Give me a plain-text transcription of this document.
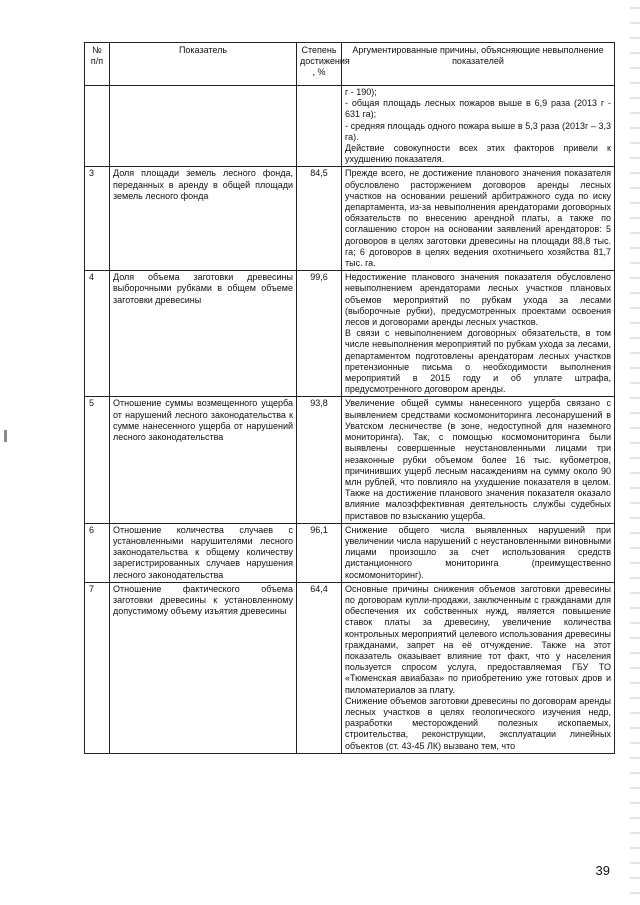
№ п/п	Показатель	Степень достижения , %	Аргументированные причины, объясняющие невыполнение показателей

			г - 190);

- общая площадь лесных пожаров выше в 6,9 раза (2013 г - 631 га);

- средняя площадь одного пожара выше в 5,3 раза (2013г – 3,3 га).

Действие совокупности всех этих факторов привели к ухудшению показателя.

3	Доля площади земель лесного фонда, переданных в аренду в общей площади земель лесного фонда	84,5	Прежде всего, не достижение планового значения показателя обусловлено расторжением договоров аренды лесных участков на основании решений арбитражного суда по иску департамента, из-за невыполнения арендаторами договорных обязательств по внесению арендной платы, а также по соглашению сторон на основании заявлений арендаторов: 5 договоров в целях заготовки древесины на площади 88,8 тыс. га; 6 договоров в целях ведения охотничьего хозяйства 81,7 тыс. га.

4	Доля объема заготовки древесины выборочными рубками в общем объеме заготовки древесины	99,6	Недостижение планового значения показателя обусловлено невыполнением арендаторами лесных участков плановых объемов мероприятий по рубкам ухода за лесами (выборочные рубки), предусмотренных проектами освоения лесов и договорами аренды лесных участков.

В связи с невыполнением договорных обязательств, в том числе невыполнения мероприятий по рубкам ухода за лесами, департаментом подготовлены арендаторам лесных участков претензионные письма о необходимости выполнения мероприятий в 2015 году и об уплате штрафа, предусмотренного договором аренды.

5	Отношение суммы возмещенного ущерба от нарушений лесного законодательства к сумме нанесенного ущерба от нарушений лесного законодательства	93,8	Увеличение общей суммы нанесенного ущерба связано с выявлением средствами космомониторинга лесонарушений в Уватском лесничестве (в зоне, недоступной для наземного мониторинга). Так, с помощью космомониторинга были выявлены совершенные неустановленными лицами три незаконные рубки объемом более 16 тыс. кубометров, причинивших ущерб лесным насаждениям на сумму около 90 млн рублей, что повлияло на ухудшение показателя в целом. Также на достижение планового значения показателя оказало влияние малоэффективная деятельность службы судебных приставов по взысканию ущерба.

6	Отношение количества случаев с установленными нарушителями лесного законодательства к общему количеству зарегистрированных случаев нарушения лесного законодательства	96,1	Снижение общего числа выявленных нарушений при увеличении числа нарушений с неустановленными виновными лицами произошло за счет использования средств дистанционного мониторинга (преимущественно космомониторинг).

7	Отношение фактического объема заготовки древесины к установленному допустимому объему изъятия древесины	64,4	Основные причины снижения объемов заготовки древесины по договорам купли-продажи, заключенным с гражданами для обеспечения их собственных нужд, является повышение ставок платы за древесину, увеличение количества контрольных мероприятий целевого использования древесины гражданами, запрет на её отчуждение. Также на этот показатель оказывает влияние тот факт, что у населения пользуется спросом услуга, предоставляемая ГБУ ТО «Тюменская авиабаза» по приобретению уже готовых дров и пиломатериалов за плату.

Снижение объемов заготовки древесины по договорам аренды лесных участков в целях геологического изучения недр, разработки месторождений полезных ископаемых, строительства, реконструкции, эксплуатации линейных объектов (ст. 43-45 ЛК) вызвано тем, что

39
